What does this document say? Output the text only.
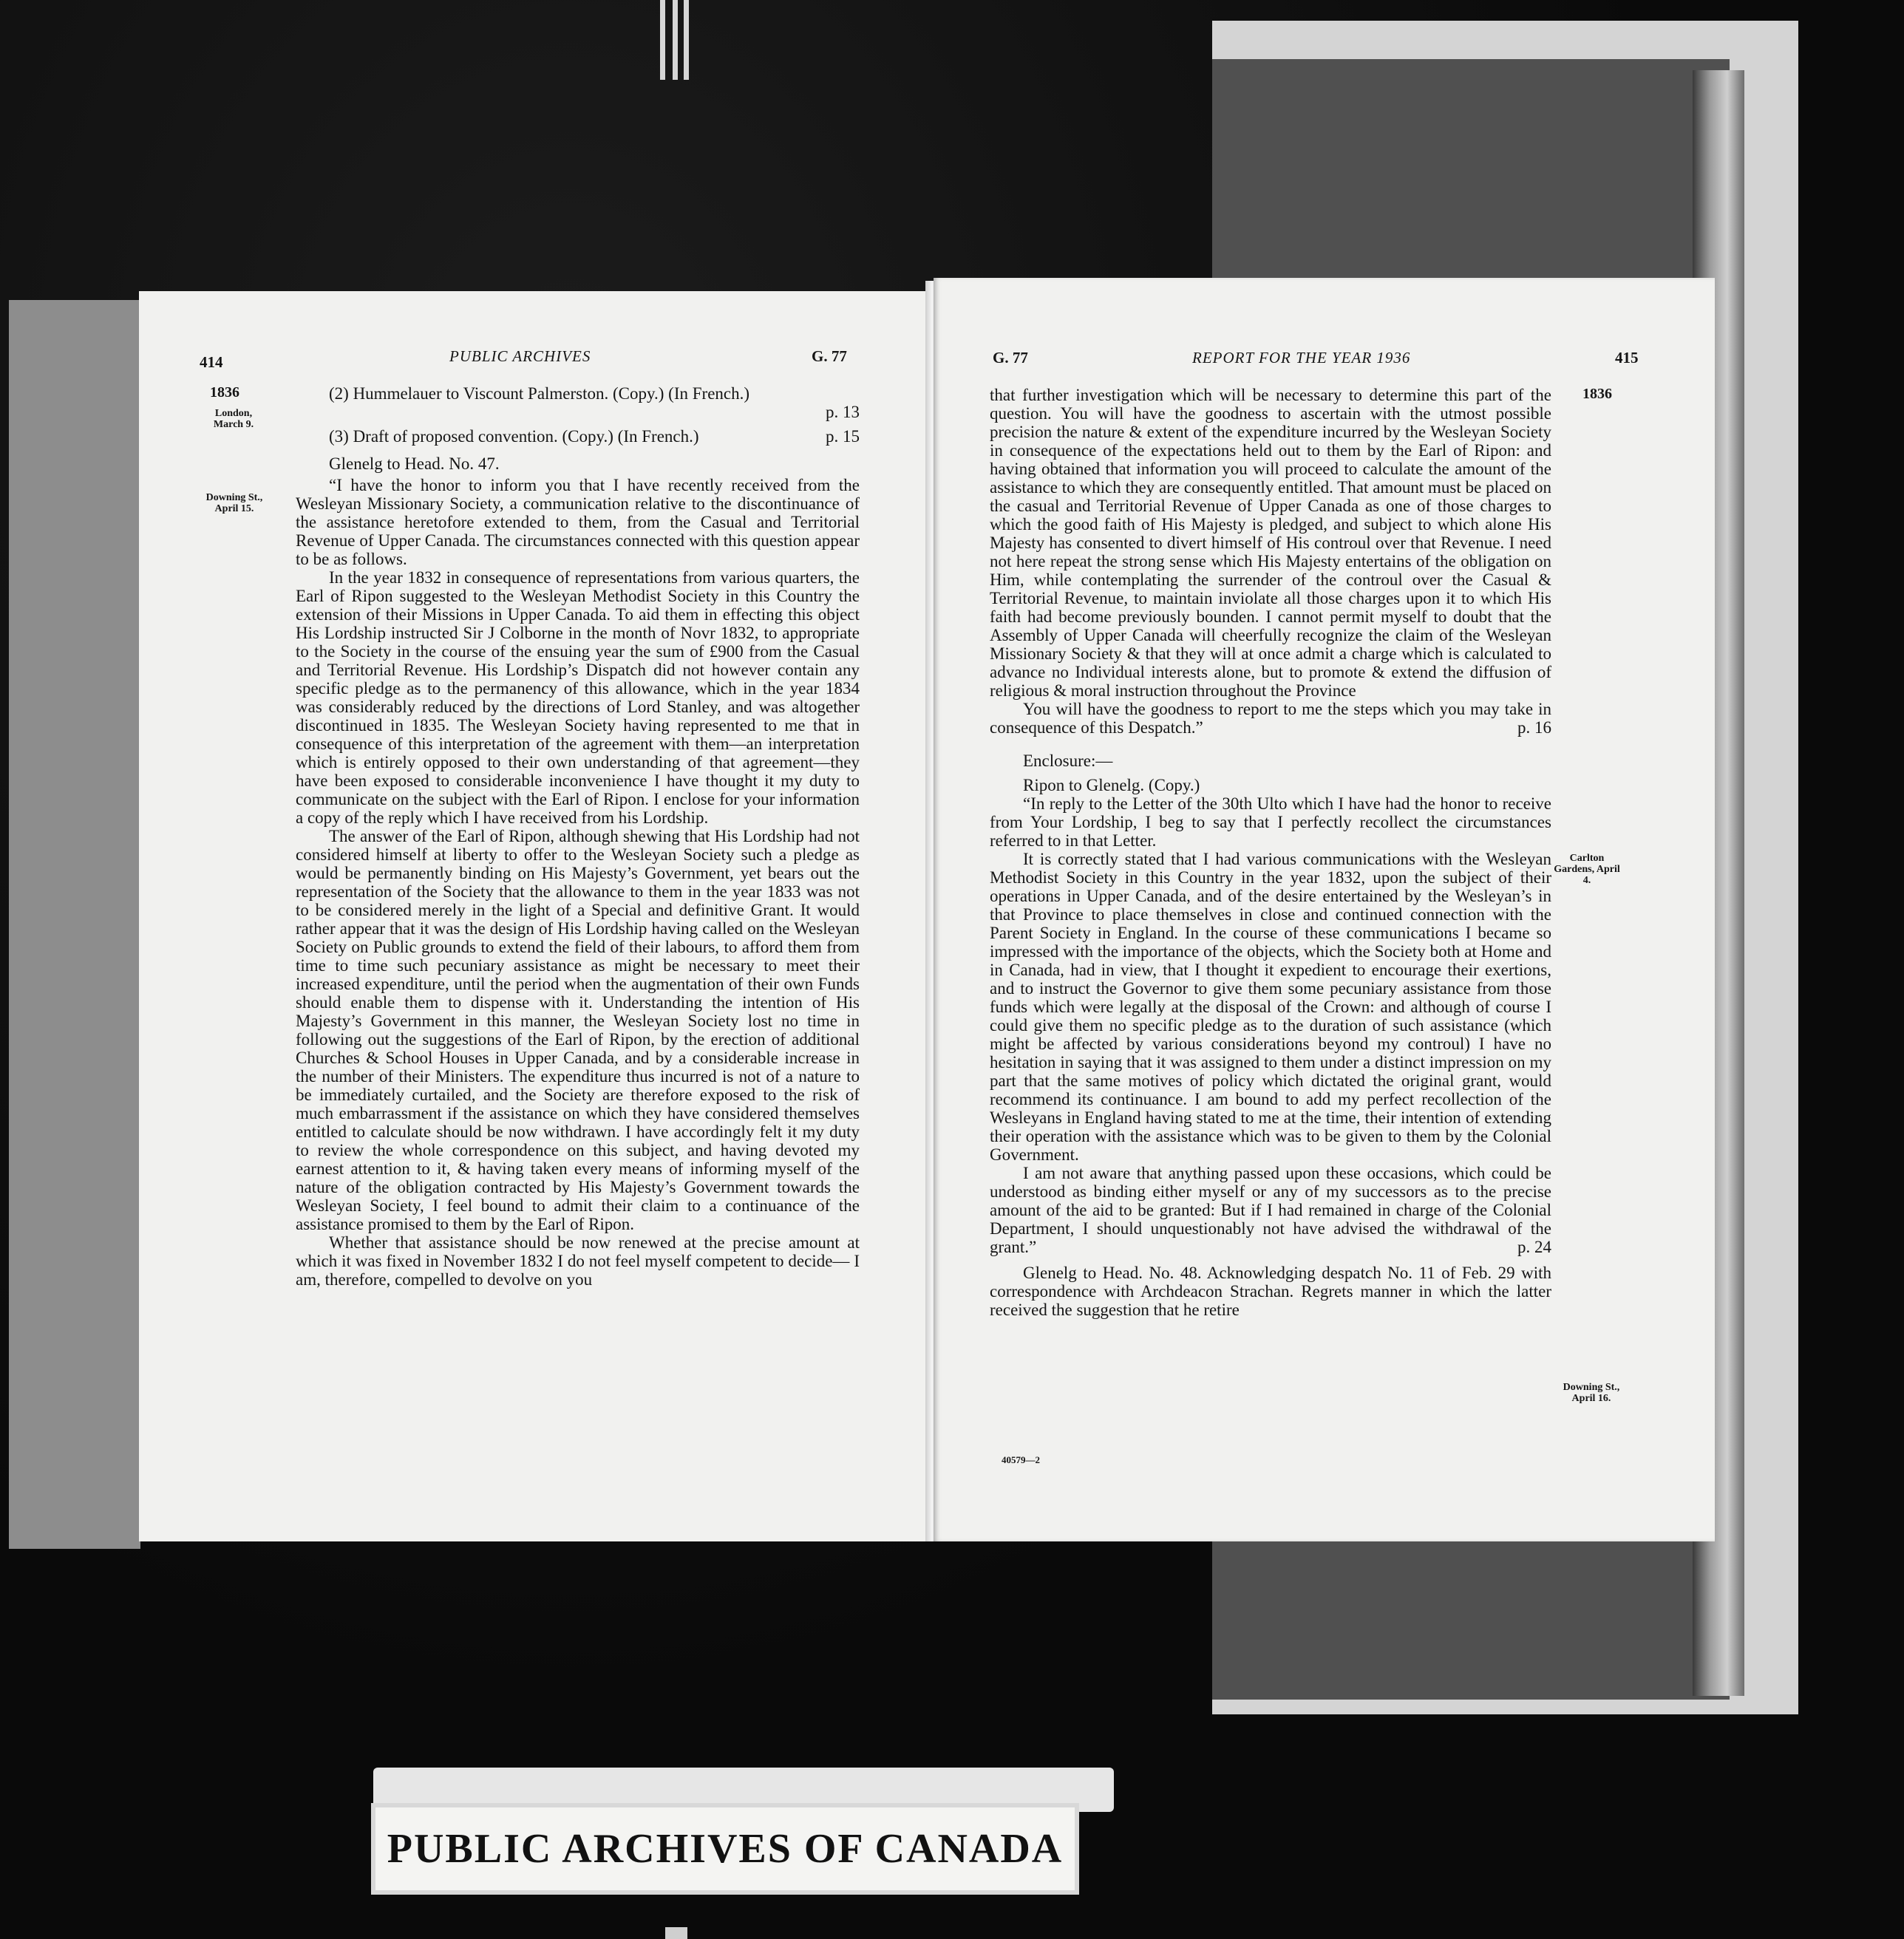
414	PUBLIC ARCHIVES	G. 77
1836
London, March 9.
Downing St., April 15.

(2) Hummelauer to Viscount Palmerston. (Copy.) (In French.)

p. 13

(3) Draft of proposed convention. (Copy.) (In French.)	p. 15

Glenelg to Head. No. 47.

“I have the honor to inform you that I have recently received from the Wesleyan Missionary Society, a communication relative to the discontinuance of the assistance heretofore extended to them, from the Casual and Territorial Revenue of Upper Canada. The circumstances connected with this question appear to be as follows.

In the year 1832 in consequence of representations from various quarters, the Earl of Ripon suggested to the Wesleyan Methodist Society in this Country the extension of their Missions in Upper Canada. To aid them in effecting this object His Lordship instructed Sir J Colborne in the month of Novr 1832, to appropriate to the Society in the course of the ensuing year the sum of £900 from the Casual and Territorial Revenue. His Lordship’s Dispatch did not however contain any specific pledge as to the permanency of this allowance, which in the year 1834 was considerably reduced by the directions of Lord Stanley, and was altogether discontinued in 1835. The Wesleyan Society having represented to me that in consequence of this interpretation of the agreement with them—an interpretation which is entirely opposed to their own understanding of that agreement—they have been exposed to considerable inconvenience I have thought it my duty to communicate on the subject with the Earl of Ripon. I enclose for your information a copy of the reply which I have received from his Lordship.

The answer of the Earl of Ripon, although shewing that His Lordship had not considered himself at liberty to offer to the Wesleyan Society such a pledge as would be permanently binding on His Majesty’s Government, yet bears out the representation of the Society that the allowance to them in the year 1833 was not to be considered merely in the light of a Special and definitive Grant. It would rather appear that it was the design of His Lordship having called on the Wesleyan Society on Public grounds to extend the field of their labours, to afford them from time to time such pecuniary assistance as might be necessary to meet their increased expenditure, until the period when the augmentation of their own Funds should enable them to dispense with it. Understanding the intention of His Majesty’s Government in this manner, the Wesleyan Society lost no time in following out the suggestions of the Earl of Ripon, by the erection of additional Churches & School Houses in Upper Canada, and by a considerable increase in the number of their Ministers. The expenditure thus incurred is not of a nature to be immediately curtailed, and the Society are therefore exposed to the risk of much embarrassment if the assistance on which they have considered themselves entitled to calculate should be now withdrawn. I have accordingly felt it my duty to review the whole correspondence on this subject, and having devoted my earnest attention to it, & having taken every means of informing myself of the nature of the obligation contracted by His Majesty’s Government towards the Wesleyan Society, I feel bound to admit their claim to a continuance of the assistance promised to them by the Earl of Ripon.

Whether that assistance should be now renewed at the precise amount at which it was fixed in November 1832 I do not feel myself competent to decide— I am, therefore, compelled to devolve on you

G. 77	REPORT FOR THE YEAR 1936	415
1836
Carlton Gardens, April 4.
Downing St., April 16.

that further investigation which will be necessary to determine this part of the question. You will have the goodness to ascertain with the utmost possible precision the nature & extent of the expenditure incurred by the Wesleyan Society in consequence of the expectations held out to them by the Earl of Ripon: and having obtained that information you will proceed to calculate the amount of the assistance to which they are consequently entitled. That amount must be placed on the casual and Territorial Revenue of Upper Canada as one of those charges to which the good faith of His Majesty is pledged, and subject to which alone His Majesty has consented to divert himself of His controul over that Revenue. I need not here repeat the strong sense which His Majesty entertains of the obligation on Him, while contemplating the surrender of the controul over the Casual & Territorial Revenue, to maintain inviolate all those charges upon it to which His faith had become previously bounden. I cannot permit myself to doubt that the Assembly of Upper Canada will cheerfully recognize the claim of the Wesleyan Missionary Society & that they will at once admit a charge which is calculated to advance no Individual interests alone, but to promote & extend the diffusion of religious & moral instruction throughout the Province

You will have the goodness to report to me the steps which you may take in consequence of this Despatch.”	p. 16

Enclosure:—

Ripon to Glenelg. (Copy.)

“In reply to the Letter of the 30th Ulto which I have had the honor to receive from Your Lordship, I beg to say that I perfectly recollect the circumstances referred to in that Letter.

It is correctly stated that I had various communications with the Wesleyan Methodist Society in this Country in the year 1832, upon the subject of their operations in Upper Canada, and of the desire entertained by the Wesleyan’s in that Province to place themselves in close and continued connection with the Parent Society in England. In the course of these communications I became so impressed with the importance of the objects, which the Society both at Home and in Canada, had in view, that I thought it expedient to encourage their exertions, and to instruct the Governor to give them some pecuniary assistance from those funds which were legally at the disposal of the Crown: and although of course I could give them no specific pledge as to the duration of such assistance (which might be affected by various considerations beyond my controul) I have no hesitation in saying that it was assigned to them under a distinct impression on my part that the same motives of policy which dictated the original grant, would recommend its continuance. I am bound to add my perfect recollection of the Wesleyans in England having stated to me at the time, their intention of extending their operation with the assistance which was to be given to them by the Colonial Government.

I am not aware that anything passed upon these occasions, which could be understood as binding either myself or any of my successors as to the precise amount of the aid to be granted: But if I had remained in charge of the Colonial Department, I should unquestionably not have advised the withdrawal of the grant.”	p. 24

Glenelg to Head. No. 48. Acknowledging despatch No. 11 of Feb. 29 with correspondence with Archdeacon Strachan. Regrets manner in which the latter received the suggestion that he retire

40579—2
PUBLIC ARCHIVES OF CANADA
